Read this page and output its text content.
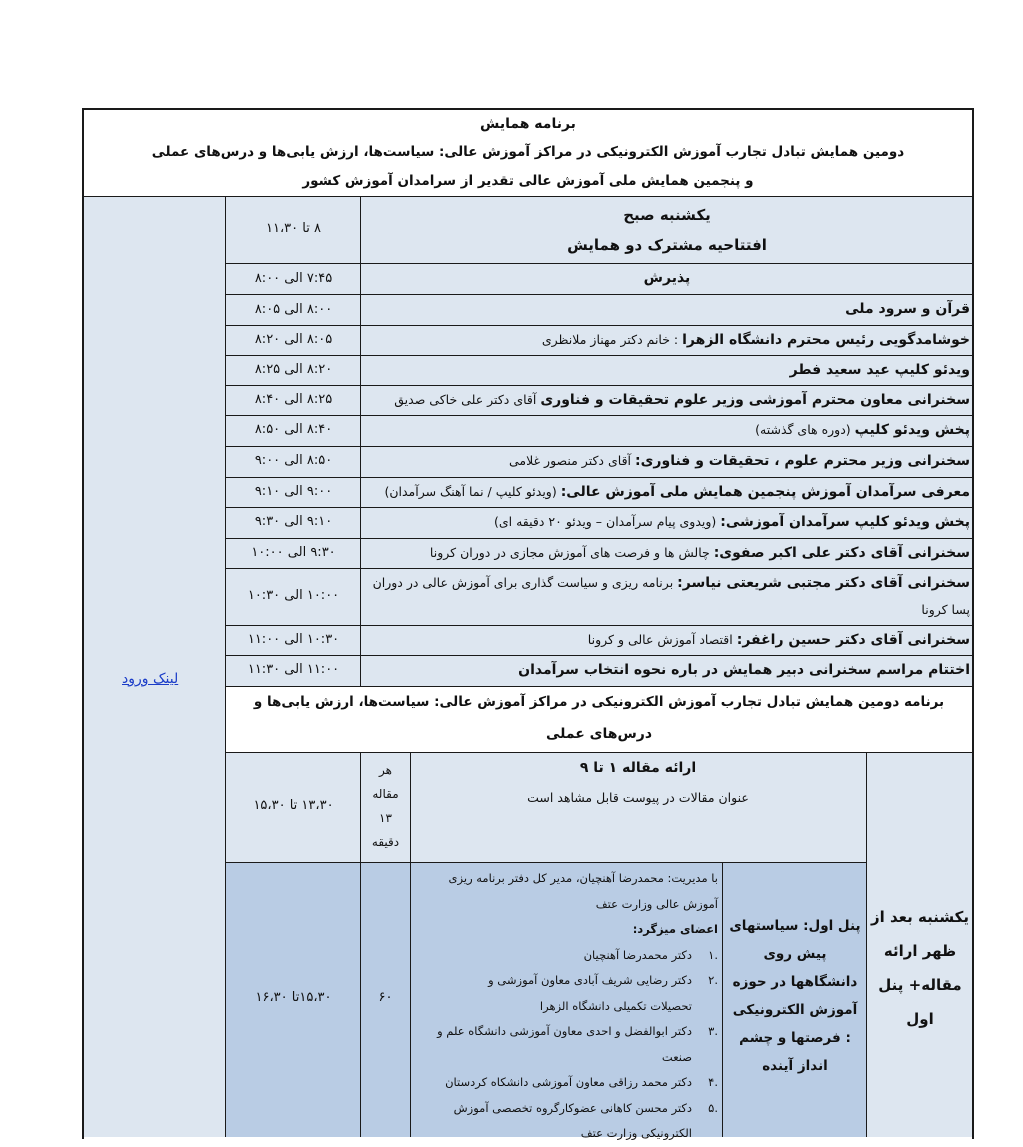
برنامه همایش
دومین همایش تبادل تجارب آموزش الکترونیکی در مراکز آموزش عالی: سیاست‌ها، ارزش یابی‌ها و درس‌های عملی
و پنجمین همایش ملی آموزش عالی تقدیر از سرامدان آموزش کشور
لینک ورود
یکشنبه صبح
افتتاحیه مشترک دو همایش
۸ تا ۱۱،۳۰
پذیرش
۷:۴۵ الی ۸:۰۰
قرآن و سرود ملی
۸:۰۰ الی ۸:۰۵
خوشامدگویی رئیس محترم دانشگاه الزهرا : خانم دکتر مهناز ملانظری
۸:۰۵ الی ۸:۲۰
ویدئو کلیپ عید سعید فطر
۸:۲۰ الی ۸:۲۵
سخنرانی معاون محترم آموزشی وزیر علوم تحقیقات و فناوری آقای دکتر علی خاکی صدیق
۸:۲۵ الی ۸:۴۰
پخش ویدئو کلیپ (دوره های گذشته)
۸:۴۰ الی ۸:۵۰
سخنرانی وزیر محترم علوم ، تحقیقات و فناوری: آقای دکتر منصور غلامی
۸:۵۰ الی ۹:۰۰
معرفی سرآمدان آموزش پنجمین همایش ملی آموزش عالی: (ویدئو کلیپ / نما آهنگ سرآمدان)
۹:۰۰ الی ۹:۱۰
پخش ویدئو کلیپ سرآمدان آموزشی: (ویدوی پیام سرآمدان – ویدئو ۲۰ دقیقه ای)
۹:۱۰ الی ۹:۳۰
سخنرانی آقای دکتر علی اکبر صفوی: چالش ها و فرصت های آموزش مجازی در دوران کرونا
۹:۳۰ الی ۱۰:۰۰
سخنرانی آقای دکتر مجتبی شریعتی نیاسر: برنامه ریزی و سیاست گذاری برای آموزش عالی در دوران
پسا کرونا
۱۰:۰۰ الی ۱۰:۳۰
سخنرانی آقای دکتر حسین راغفر: اقتصاد آموزش عالی و کرونا
۱۰:۳۰ الی ۱۱:۰۰
اختتام مراسم سخنرانی دبیر همایش در باره نحوه انتخاب سرآمدان
۱۱:۰۰ الی ۱۱:۳۰
برنامه دومین همایش تبادل تجارب آموزش الکترونیکی در مراکز آموزش عالی: سیاست‌ها، ارزش یابی‌ها و
درس‌های عملی
ارائه مقاله ۱ تا ۹
عنوان مقالات در پیوست قابل مشاهد است
هر
مقاله
۱۳
دقیقه
۱۳،۳۰ تا ۱۵،۳۰
یکشنبه بعد از
ظهر ارائه
مقاله+ پنل
اول
پنل اول: سیاستهای
پیش روی
دانشگاهها در حوزه
آموزش الکترونیکی
: فرصتها و چشم
انداز آینده
با مدیریت: محمدرضا آهنچیان، مدیر کل دفتر برنامه ریزی
آموزش عالی وزارت عتف
اعضای میزگرد:
.۱دکتر محمدرضا آهنچیان
.۲دکتر رضایی شریف آبادی معاون آموزشی و
تحصیلات تکمیلی دانشگاه الزهرا
.۳دکتر ابوالفضل و احدی معاون آموزشی دانشگاه علم و
صنعت
.۴دکتر محمد رزاقی معاون آموزشی دانشکاه کردستان
.۵دکتر محسن کاهانی عضوکارگروه تخصصی آموزش
الکترونیکی وزارت عتف
۶۰
۱۵،۳۰تا ۱۶،۳۰
